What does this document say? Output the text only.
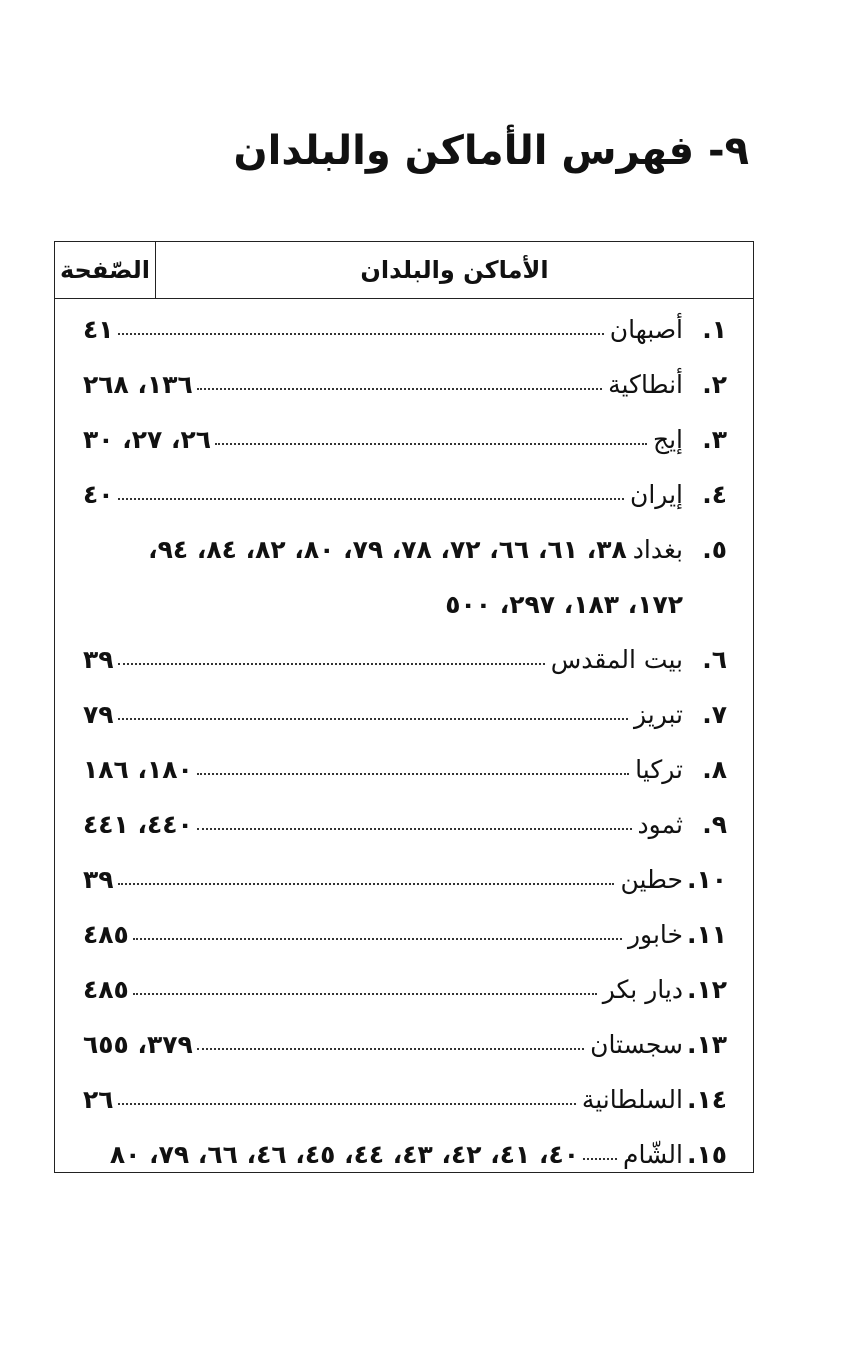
٩- فهرس الأماكن والبلدان
الأماكن والبلدان
الصّفحة
١.
أصبهان
٤١
٢.
أنطاكية
١٣٦، ٢٦٨
٣.
إيج
٢٦، ٢٧، ٣٠
٤.
إيران
٤٠
٥.
بغداد
٣٨، ٦١، ٦٦، ٧٢، ٧٨، ٧٩، ٨٠، ٨٢، ٨٤، ٩٤،
١٧٢، ١٨٣، ٢٩٧، ٥٠٠
٦.
بيت المقدس
٣٩
٧.
تبريز
٧٩
٨.
تركيا
١٨٠، ١٨٦
٩.
ثمود
٤٤٠، ٤٤١
١٠.
حطين
٣٩
١١.
خابور
٤٨٥
١٢.
ديار بكر
٤٨٥
١٣.
سجستان
٣٧٩، ٦٥٥
١٤.
السلطانية
٢٦
١٥.
الشّام
٤٠، ٤١، ٤٢، ٤٣، ٤٤، ٤٥، ٤٦، ٦٦، ٧٩، ٨٠
